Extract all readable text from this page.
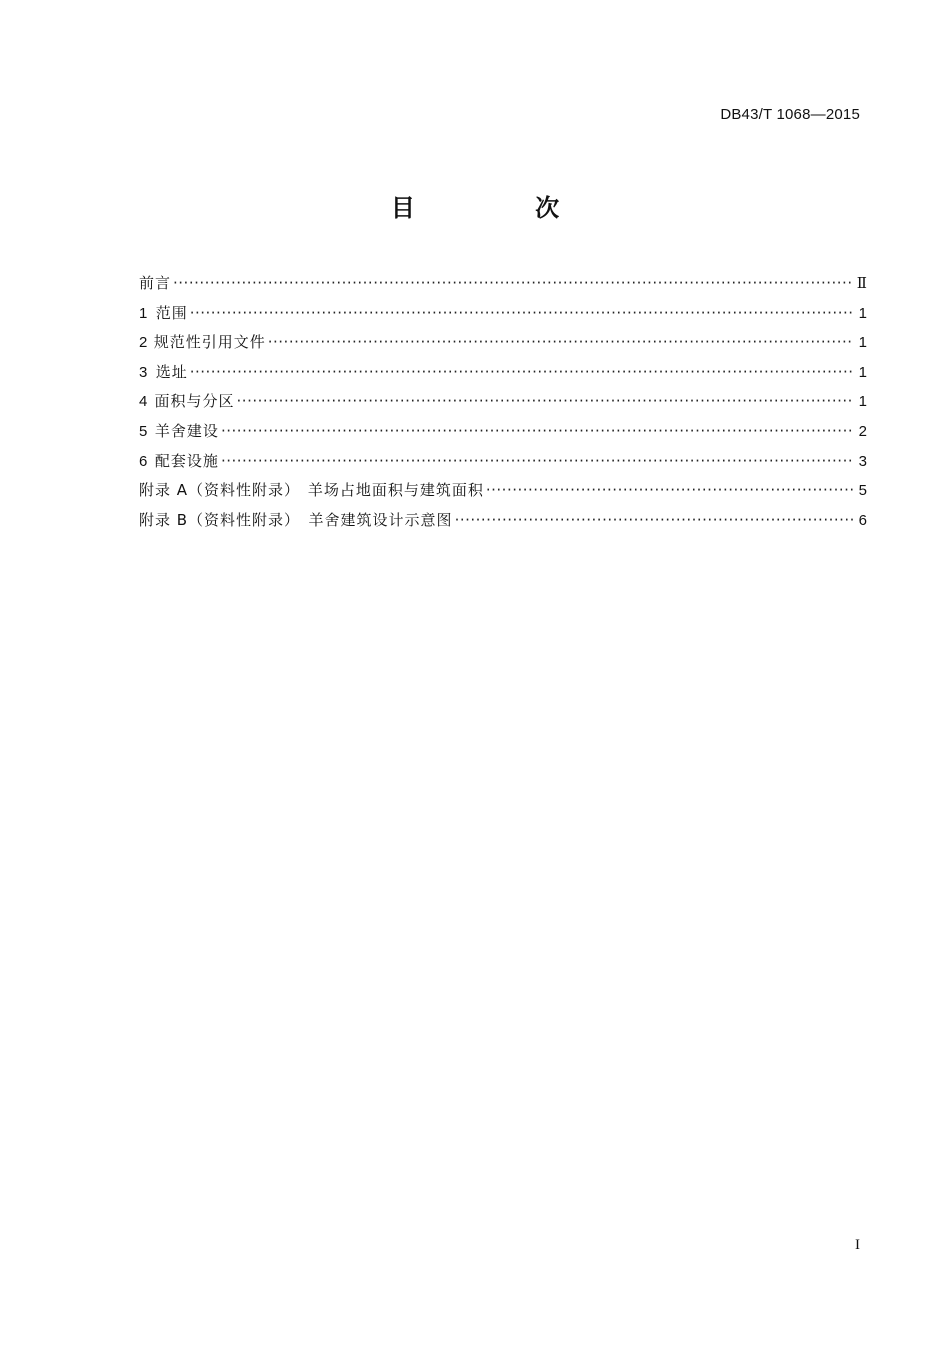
DB43/T 1068—2015
目 次
前言 ·····	Ⅱ
1 范围 ·····	1
2 规范性引用文件 ·····	1
3 选址 ·····	1
4 面积与分区 ·····	1
5 羊舍建设 ·····	2
6 配套设施 ·····	3
附录 A（资料性附录） 羊场占地面积与建筑面积 ·····	5
附录 B（资料性附录） 羊舍建筑设计示意图 ·····	6
I
